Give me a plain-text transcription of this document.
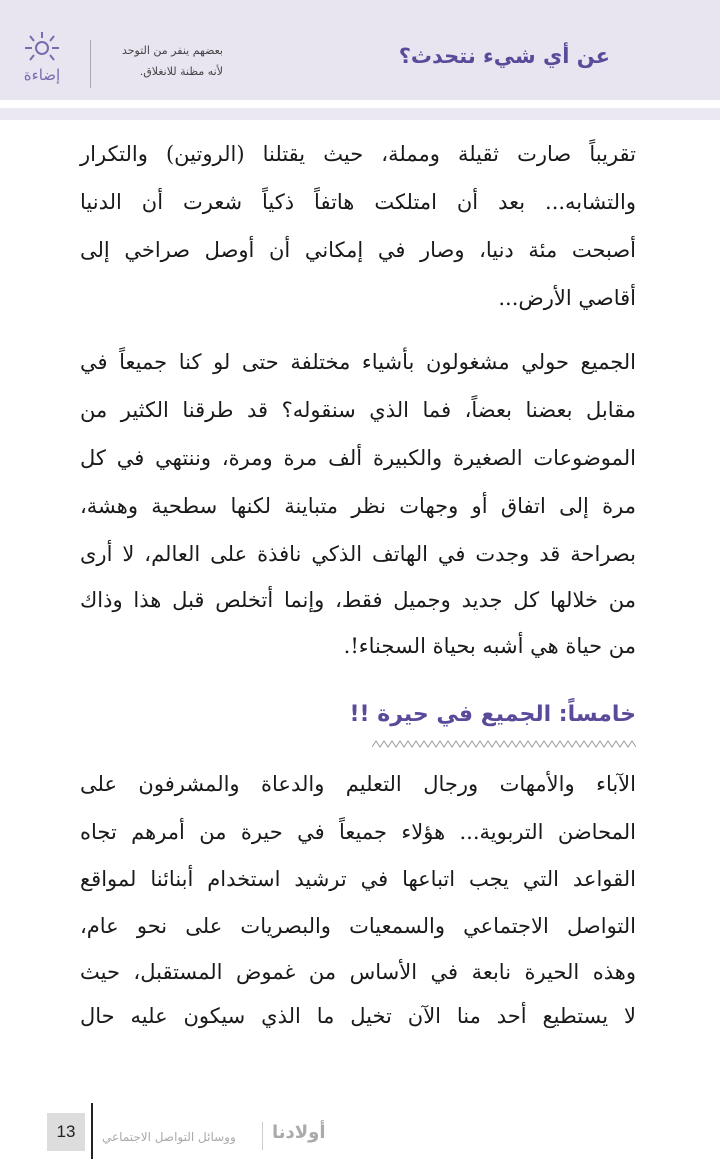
عن أي شيء نتحدث؟
بعضهم ينفر من التوحد
لأنه مظنة للانغلاق.
إضاءة
تقريباً صارت ثقيلة ومملة، حيث يقتلنا (الروتين) والتكرار
والتشابه... بعد أن امتلكت هاتفاً ذكياً شعرت أن الدنيا
أصبحت مئة دنيا، وصار في إمكاني أن أوصل صراخي إلى
أقاصي الأرض...
الجميع حولي مشغولون بأشياء مختلفة حتى لو كنا جميعاً في
مقابل بعضنا بعضاً، فما الذي سنقوله؟ قد طرقنا الكثير من
الموضوعات الصغيرة والكبيرة ألف مرة ومرة، وننتهي في كل
مرة إلى اتفاق أو وجهات نظر متباينة لكنها سطحية وهشة،
بصراحة قد وجدت في الهاتف الذكي نافذة على العالم، لا أرى
من خلالها كل جديد وجميل فقط، وإنما أتخلص قبل هذا وذاك
من حياة هي أشبه بحياة السجناء!.
الآباء والأمهات ورجال التعليم والدعاة والمشرفون على
المحاضن التربوية... هؤلاء جميعاً في حيرة من أمرهم تجاه
القواعد التي يجب اتباعها في ترشيد استخدام أبنائنا لمواقع
التواصل الاجتماعي والسمعيات والبصريات على نحو عام،
وهذه الحيرة نابعة في الأساس من غموض المستقبل، حيث
لا يستطيع أحد منا الآن تخيل ما الذي سيكون عليه حال
خامساً: الجميع في حيرة !!
13	ووسائل التواصل الاجتماعي أولادنا
